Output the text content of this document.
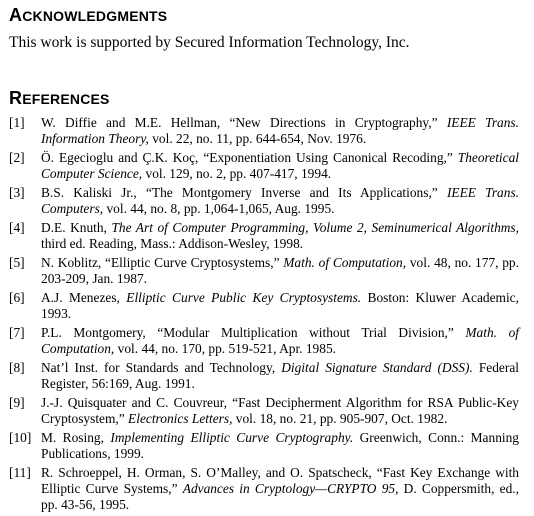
ACKNOWLEDGMENTS

This work is supported by Secured Information Technology, Inc.

REFERENCES
[1]	W. Diffie and M.E. Hellman, “New Directions in Cryptography,” IEEE Trans. Information Theory, vol. 22, no. 11, pp. 644-654, Nov. 1976.
[2]	Ö. Egecioglu and Ç.K. Koç, “Exponentiation Using Canonical Recoding,” Theoretical Computer Science, vol. 129, no. 2, pp. 407-417, 1994.
[3]	B.S. Kaliski Jr., “The Montgomery Inverse and Its Applications,” IEEE Trans. Computers, vol. 44, no. 8, pp. 1,064-1,065, Aug. 1995.
[4]	D.E. Knuth, The Art of Computer Programming, Volume 2, Seminumerical Algorithms, third ed. Reading, Mass.: Addison-Wesley, 1998.
[5]	N. Koblitz, “Elliptic Curve Cryptosystems,” Math. of Computation, vol. 48, no. 177, pp. 203-209, Jan. 1987.
[6]	A.J. Menezes, Elliptic Curve Public Key Cryptosystems. Boston: Kluwer Academic, 1993.
[7]	P.L. Montgomery, “Modular Multiplication without Trial Division,” Math. of Computation, vol. 44, no. 170, pp. 519-521, Apr. 1985.
[8]	Nat’l Inst. for Standards and Technology, Digital Signature Standard (DSS). Federal Register, 56:169, Aug. 1991.
[9]	J.-J. Quisquater and C. Couvreur, “Fast Decipherment Algorithm for RSA Public-Key Cryptosystem,” Electronics Letters, vol. 18, no. 21, pp. 905-907, Oct. 1982.
[10] M. Rosing, Implementing Elliptic Curve Cryptography. Greenwich, Conn.: Manning Publications, 1999.
[11] R. Schroeppel, H. Orman, S. O’Malley, and O. Spatscheck, “Fast Key Exchange with Elliptic Curve Systems,” Advances in Cryptology—CRYPTO 95, D. Coppersmith, ed., pp. 43-56, 1995.
